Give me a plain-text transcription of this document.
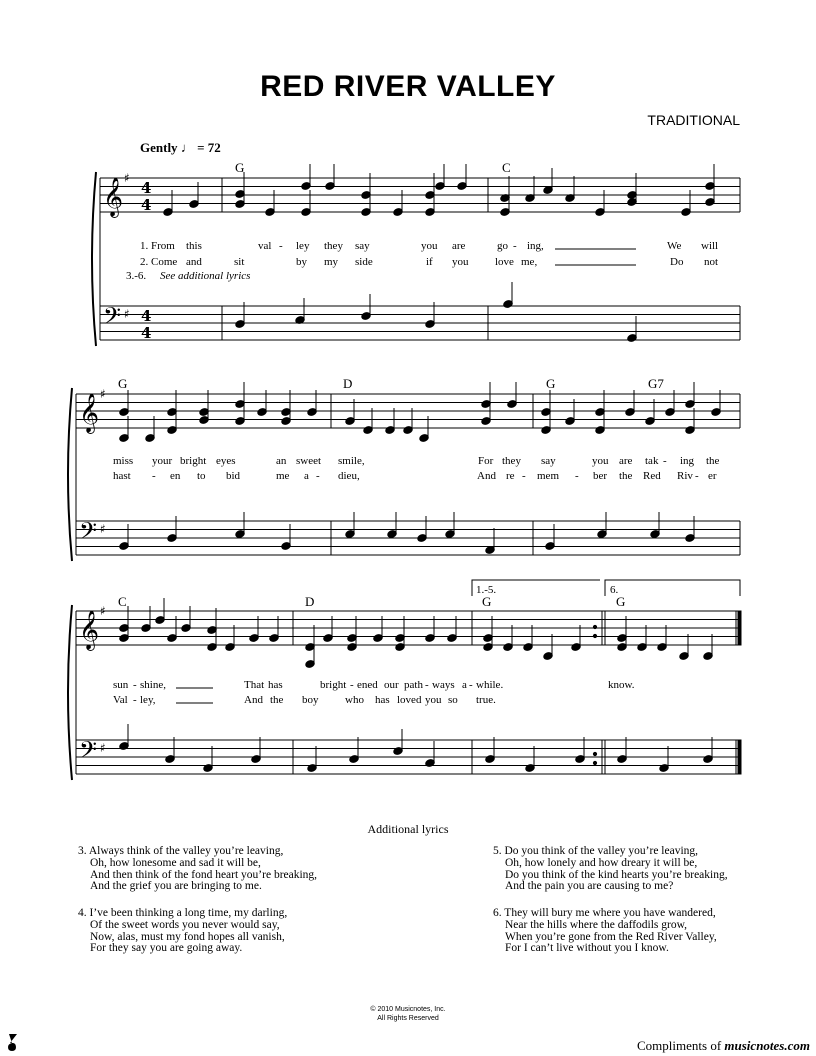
RED RIVER VALLEY
TRADITIONAL
Gently ♩ = 72
G	C
G	D	G	G7
C	D	G	G
1.-5.	6.
1. From this	val - ley they say	you are	go - ing,	We will
2. Come and	sit	by my side	if you love me,	Do not
3.-6. See additional lyrics
miss your bright eyes	an sweet smile,	For they say	you are tak - ing the
hast - en to bid	me a - dieu,	And re - mem - ber the Red Riv - er
sun - shine,	That has	bright - ened our path - ways a - while.	know.
Val - ley,	And the boy who has loved you so true.
𝄞 ♯
𝄢 ♯
4
4
4
4
𝄞 ♯
𝄢 ♯
𝄞 ♯
𝄢 ♯
Additional lyrics
3. Always think of the valley you’re leaving,
Oh, how lonesome and sad it will be,
And then think of the fond heart you’re breaking,
And the grief you are bringing to me.
4. I’ve been thinking a long time, my darling,
Of the sweet words you never would say,
Now, alas, must my fond hopes all vanish,
For they say you are going away.
5. Do you think of the valley you’re leaving,
Oh, how lonely and how dreary it will be,
Do you think of the kind hearts you’re breaking,
And the pain you are causing to me?
6. They will bury me where you have wandered,
Near the hills where the daffodils grow,
When you’re gone from the Red River Valley,
For I can’t live without you I know.
© 2010 Musicnotes, Inc.
All Rights Reserved
Compliments of musicnotes.com
